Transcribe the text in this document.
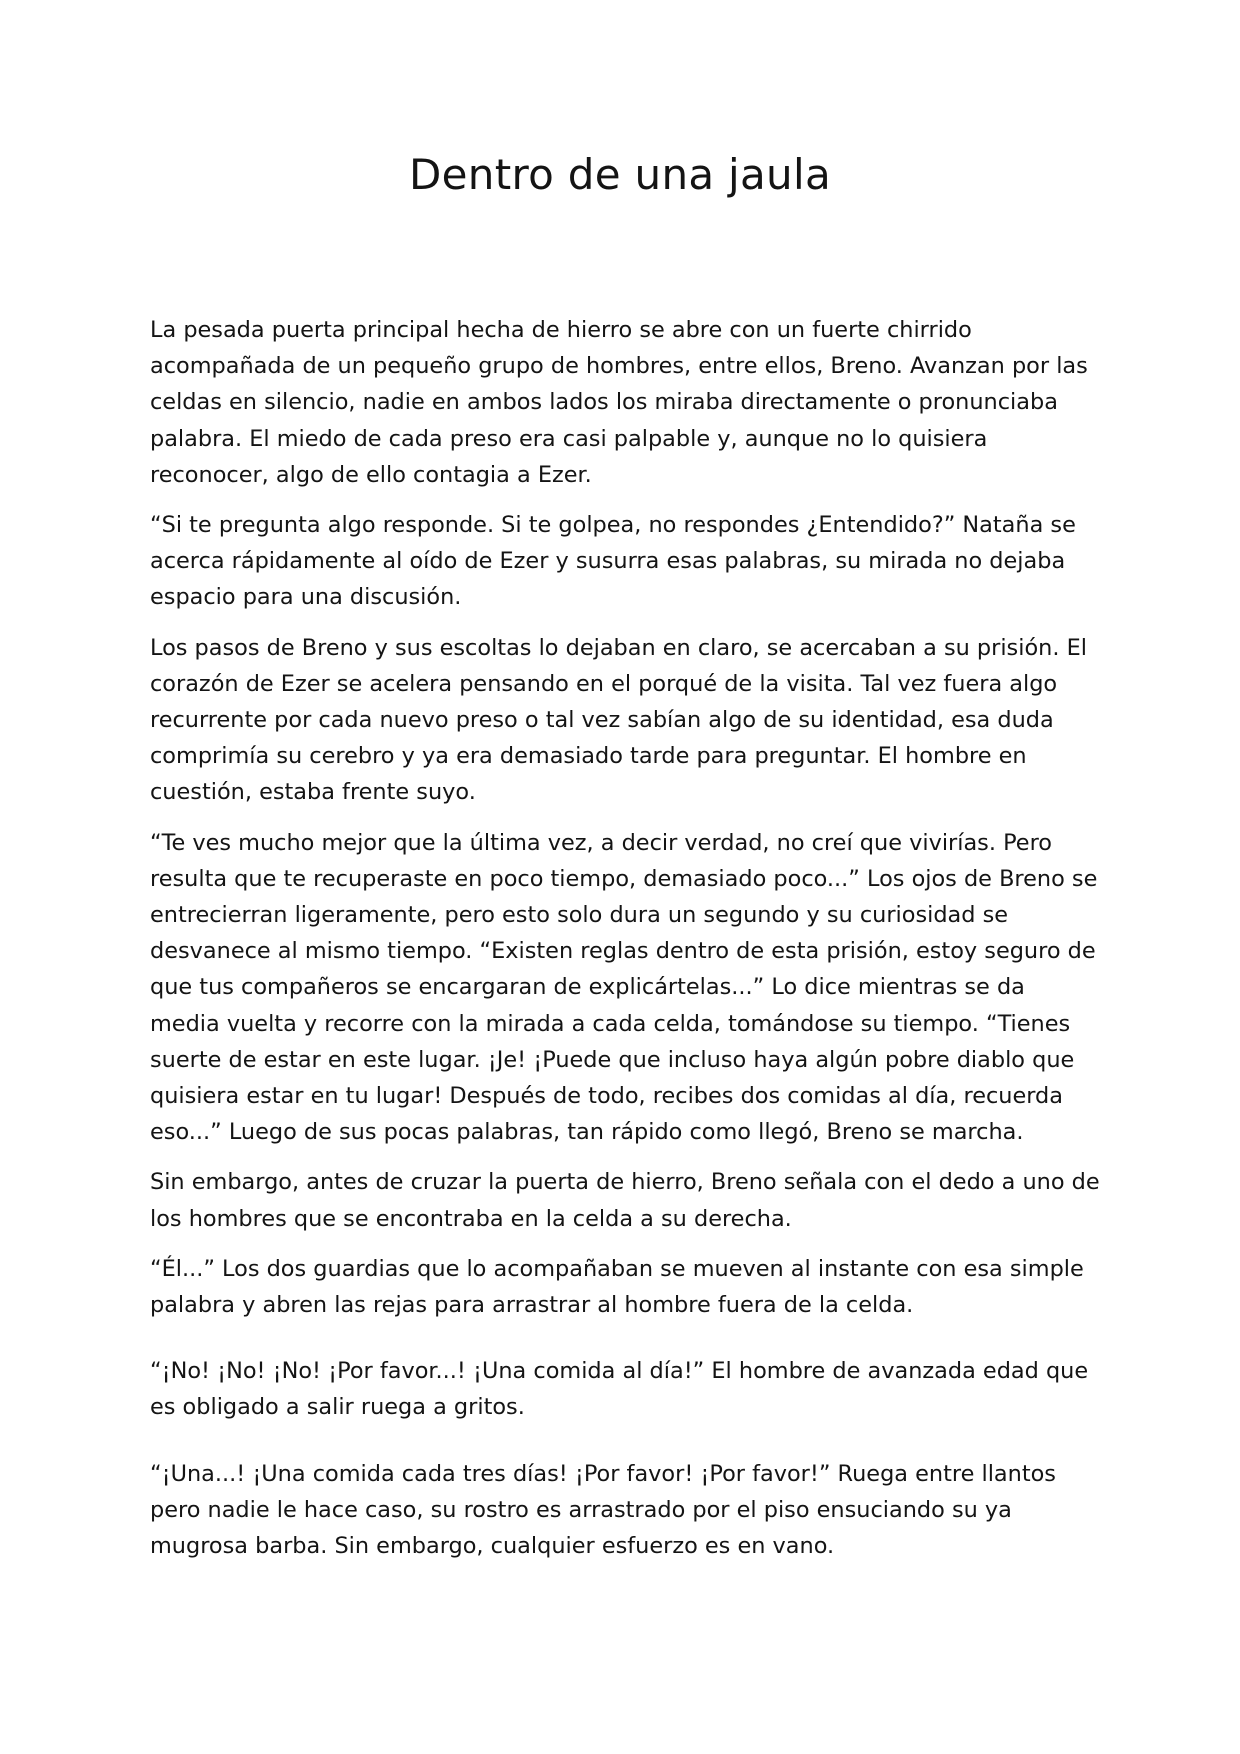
Dentro de una jaula

La pesada puerta principal hecha de hierro se abre con un fuerte chirrido acompañada de un pequeño grupo de hombres, entre ellos, Breno. Avanzan por las celdas en silencio, nadie en ambos lados los miraba directamente o pronunciaba palabra. El miedo de cada preso era casi palpable y, aunque no lo quisiera reconocer, algo de ello contagia a Ezer.

“Si te pregunta algo responde. Si te golpea, no respondes ¿Entendido?” Nataña se acerca rápidamente al oído de Ezer y susurra esas palabras, su mirada no dejaba espacio para una discusión.

Los pasos de Breno y sus escoltas lo dejaban en claro, se acercaban a su prisión. El corazón de Ezer se acelera pensando en el porqué de la visita. Tal vez fuera algo recurrente por cada nuevo preso o tal vez sabían algo de su identidad, esa duda comprimía su cerebro y ya era demasiado tarde para preguntar. El hombre en cuestión, estaba frente suyo.

“Te ves mucho mejor que la última vez, a decir verdad, no creí que vivirías. Pero resulta que te recuperaste en poco tiempo, demasiado poco...” Los ojos de Breno se entrecierran ligeramente, pero esto solo dura un segundo y su curiosidad se desvanece al mismo tiempo. “Existen reglas dentro de esta prisión, estoy seguro de que tus compañeros se encargaran de explicártelas...” Lo dice mientras se da media vuelta y recorre con la mirada a cada celda, tomándose su tiempo. “Tienes suerte de estar en este lugar. ¡Je! ¡Puede que incluso haya algún pobre diablo que quisiera estar en tu lugar! Después de todo, recibes dos comidas al día, recuerda eso...” Luego de sus pocas palabras, tan rápido como llegó, Breno se marcha.

Sin embargo, antes de cruzar la puerta de hierro, Breno señala con el dedo a uno de los hombres que se encontraba en la celda a su derecha.

“Él...” Los dos guardias que lo acompañaban se mueven al instante con esa simple palabra y abren las rejas para arrastrar al hombre fuera de la celda.

“¡No! ¡No! ¡No! ¡Por favor...! ¡Una comida al día!” El hombre de avanzada edad que es obligado a salir ruega a gritos.

“¡Una...! ¡Una comida cada tres días! ¡Por favor! ¡Por favor!” Ruega entre llantos pero nadie le hace caso, su rostro es arrastrado por el piso ensuciando su ya mugrosa barba. Sin embargo, cualquier esfuerzo es en vano.
